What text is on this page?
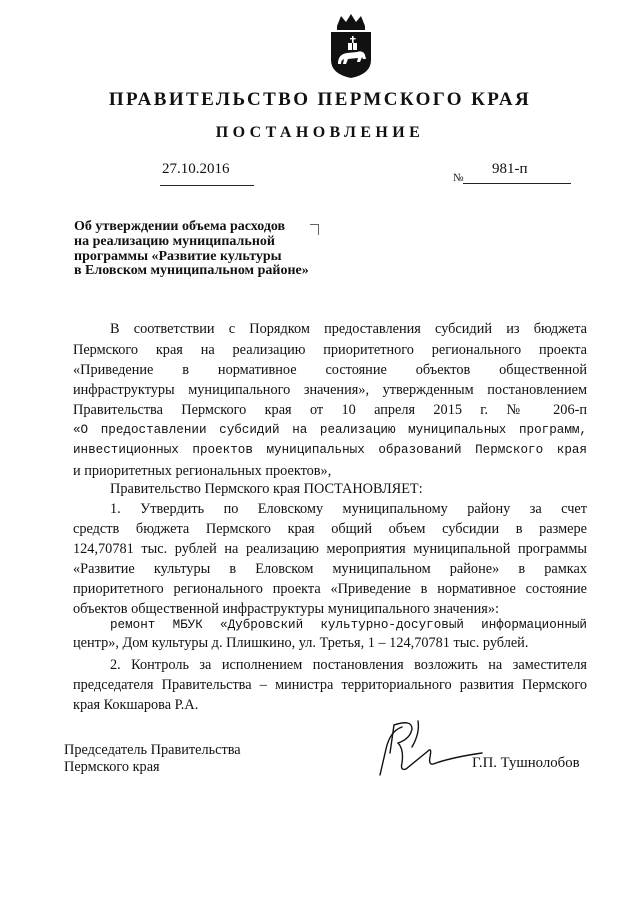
ПРАВИТЕЛЬСТВО ПЕРМСКОГО КРАЯ
ПОСТАНОВЛЕНИЕ
27.10.2016
№
981-п
Об утверждении объема расходов
на реализацию муниципальной
программы «Развитие культуры
в Еловском муниципальном районе»
В соответствии с Порядком предоставления субсидий из бюджета
Пермского края на реализацию приоритетного регионального проекта
«Приведение в нормативное состояние объектов общественной
инфраструктуры муниципального значения», утвержденным постановлением
Правительства Пермского края от 10 апреля 2015 г. № 206-п
«О предоставлении субсидий на реализацию муниципальных программ,
инвестиционных проектов муниципальных образований Пермского края
и приоритетных региональных проектов»,
Правительство Пермского края ПОСТАНОВЛЯЕТ:
1. Утвердить по Еловскому муниципальному району за счет
средств бюджета Пермского края общий объем субсидии в размере
124,70781 тыс. рублей на реализацию мероприятия муниципальной программы
«Развитие культуры в Еловском муниципальном районе» в рамках
приоритетного регионального проекта «Приведение в нормативное состояние
объектов общественной инфраструктуры муниципального значения»:
ремонт МБУК «Дубровский культурно-досуговый информационный
центр», Дом культуры д. Плишкино, ул. Третья, 1 – 124,70781 тыс. рублей.
2. Контроль за исполнением постановления возложить на заместителя
председателя Правительства – министра территориального развития Пермского
края Кокшарова Р.А.
Председатель Правительства
Пермского края	Г.П. Тушнолобов
